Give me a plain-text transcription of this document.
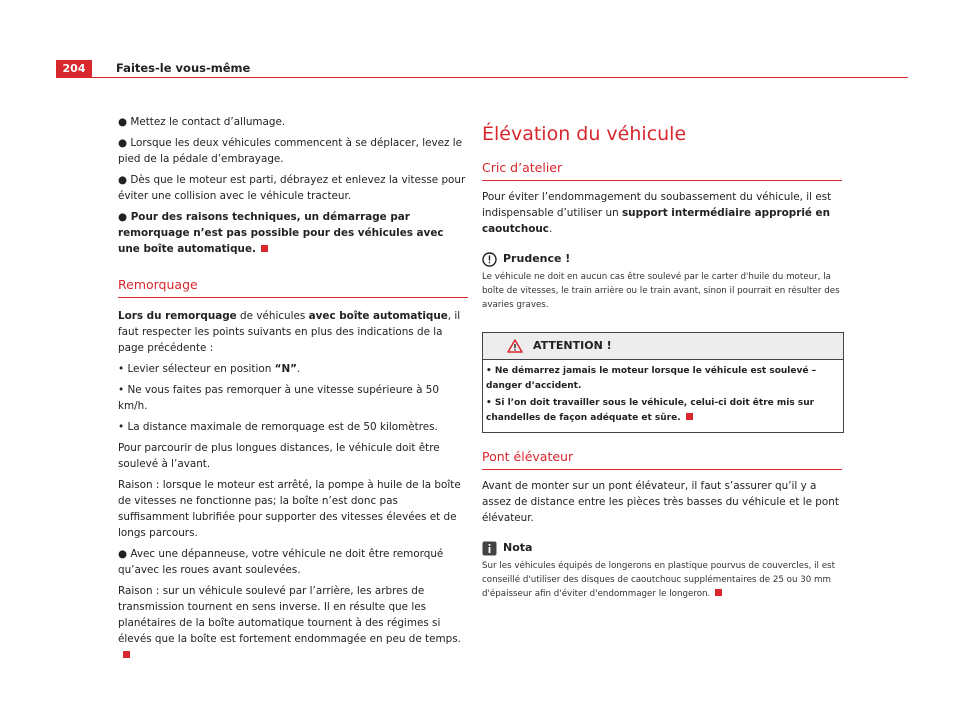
204	Faites-le vous-même

● Mettez le contact d’allumage.

● Lorsque les deux véhicules commencent à se déplacer, levez le pied de la pédale d’embrayage.

● Dès que le moteur est parti, débrayez et enlevez la vitesse pour éviter une collision avec le véhicule tracteur.

● Pour des raisons techniques, un démarrage par remorquage n’est pas possible pour des véhicules avec une boîte automatique.

Remorquage

Lors du remorquage de véhicules avec boîte automatique, il faut respecter les points suivants en plus des indications de la page précédente :

• Levier sélecteur en position “N”.

• Ne vous faites pas remorquer à une vitesse supérieure à 50 km/h.

• La distance maximale de remorquage est de 50 kilomètres.

Pour parcourir de plus longues distances, le véhicule doit être soulevé à l’avant.

Raison : lorsque le moteur est arrêté, la pompe à huile de la boîte de vitesses ne fonctionne pas; la boîte n’est donc pas suffisamment lubrifiée pour supporter des vitesses élevées et de longs parcours.

● Avec une dépanneuse, votre véhicule ne doit être remorqué qu’avec les roues avant soulevées.

Raison : sur un véhicule soulevé par l’arrière, les arbres de transmission tournent en sens inverse. Il en résulte que les planétaires de la boîte automatique tournent à des régimes si élevés que la boîte est fortement endommagée en peu de temps.

Élévation du véhicule
Cric d’atelier

Pour éviter l’endommagement du soubassement du véhicule, il est indispensable d’utiliser un support intermédiaire approprié en caoutchouc.

Prudence !

Le véhicule ne doit en aucun cas être soulevé par le carter d'huile du moteur, la boîte de vitesses, le train arrière ou le train avant, sinon il pourrait en résulter des avaries graves.

ATTENTION !

• Ne démarrez jamais le moteur lorsque le véhicule est soulevé – danger d’accident.

• Si l’on doit travailler sous le véhicule, celui-ci doit être mis sur chandelles de façon adéquate et sûre.

Pont élévateur

Avant de monter sur un pont élévateur, il faut s’assurer qu’il y a assez de distance entre les pièces très basses du véhicule et le pont élévateur.

Nota

Sur les véhicules équipés de longerons en plastique pourvus de couvercles, il est conseillé d'utiliser des disques de caoutchouc supplémentaires de 25 ou 30 mm d'épaisseur afin d'éviter d'endommager le longeron.
